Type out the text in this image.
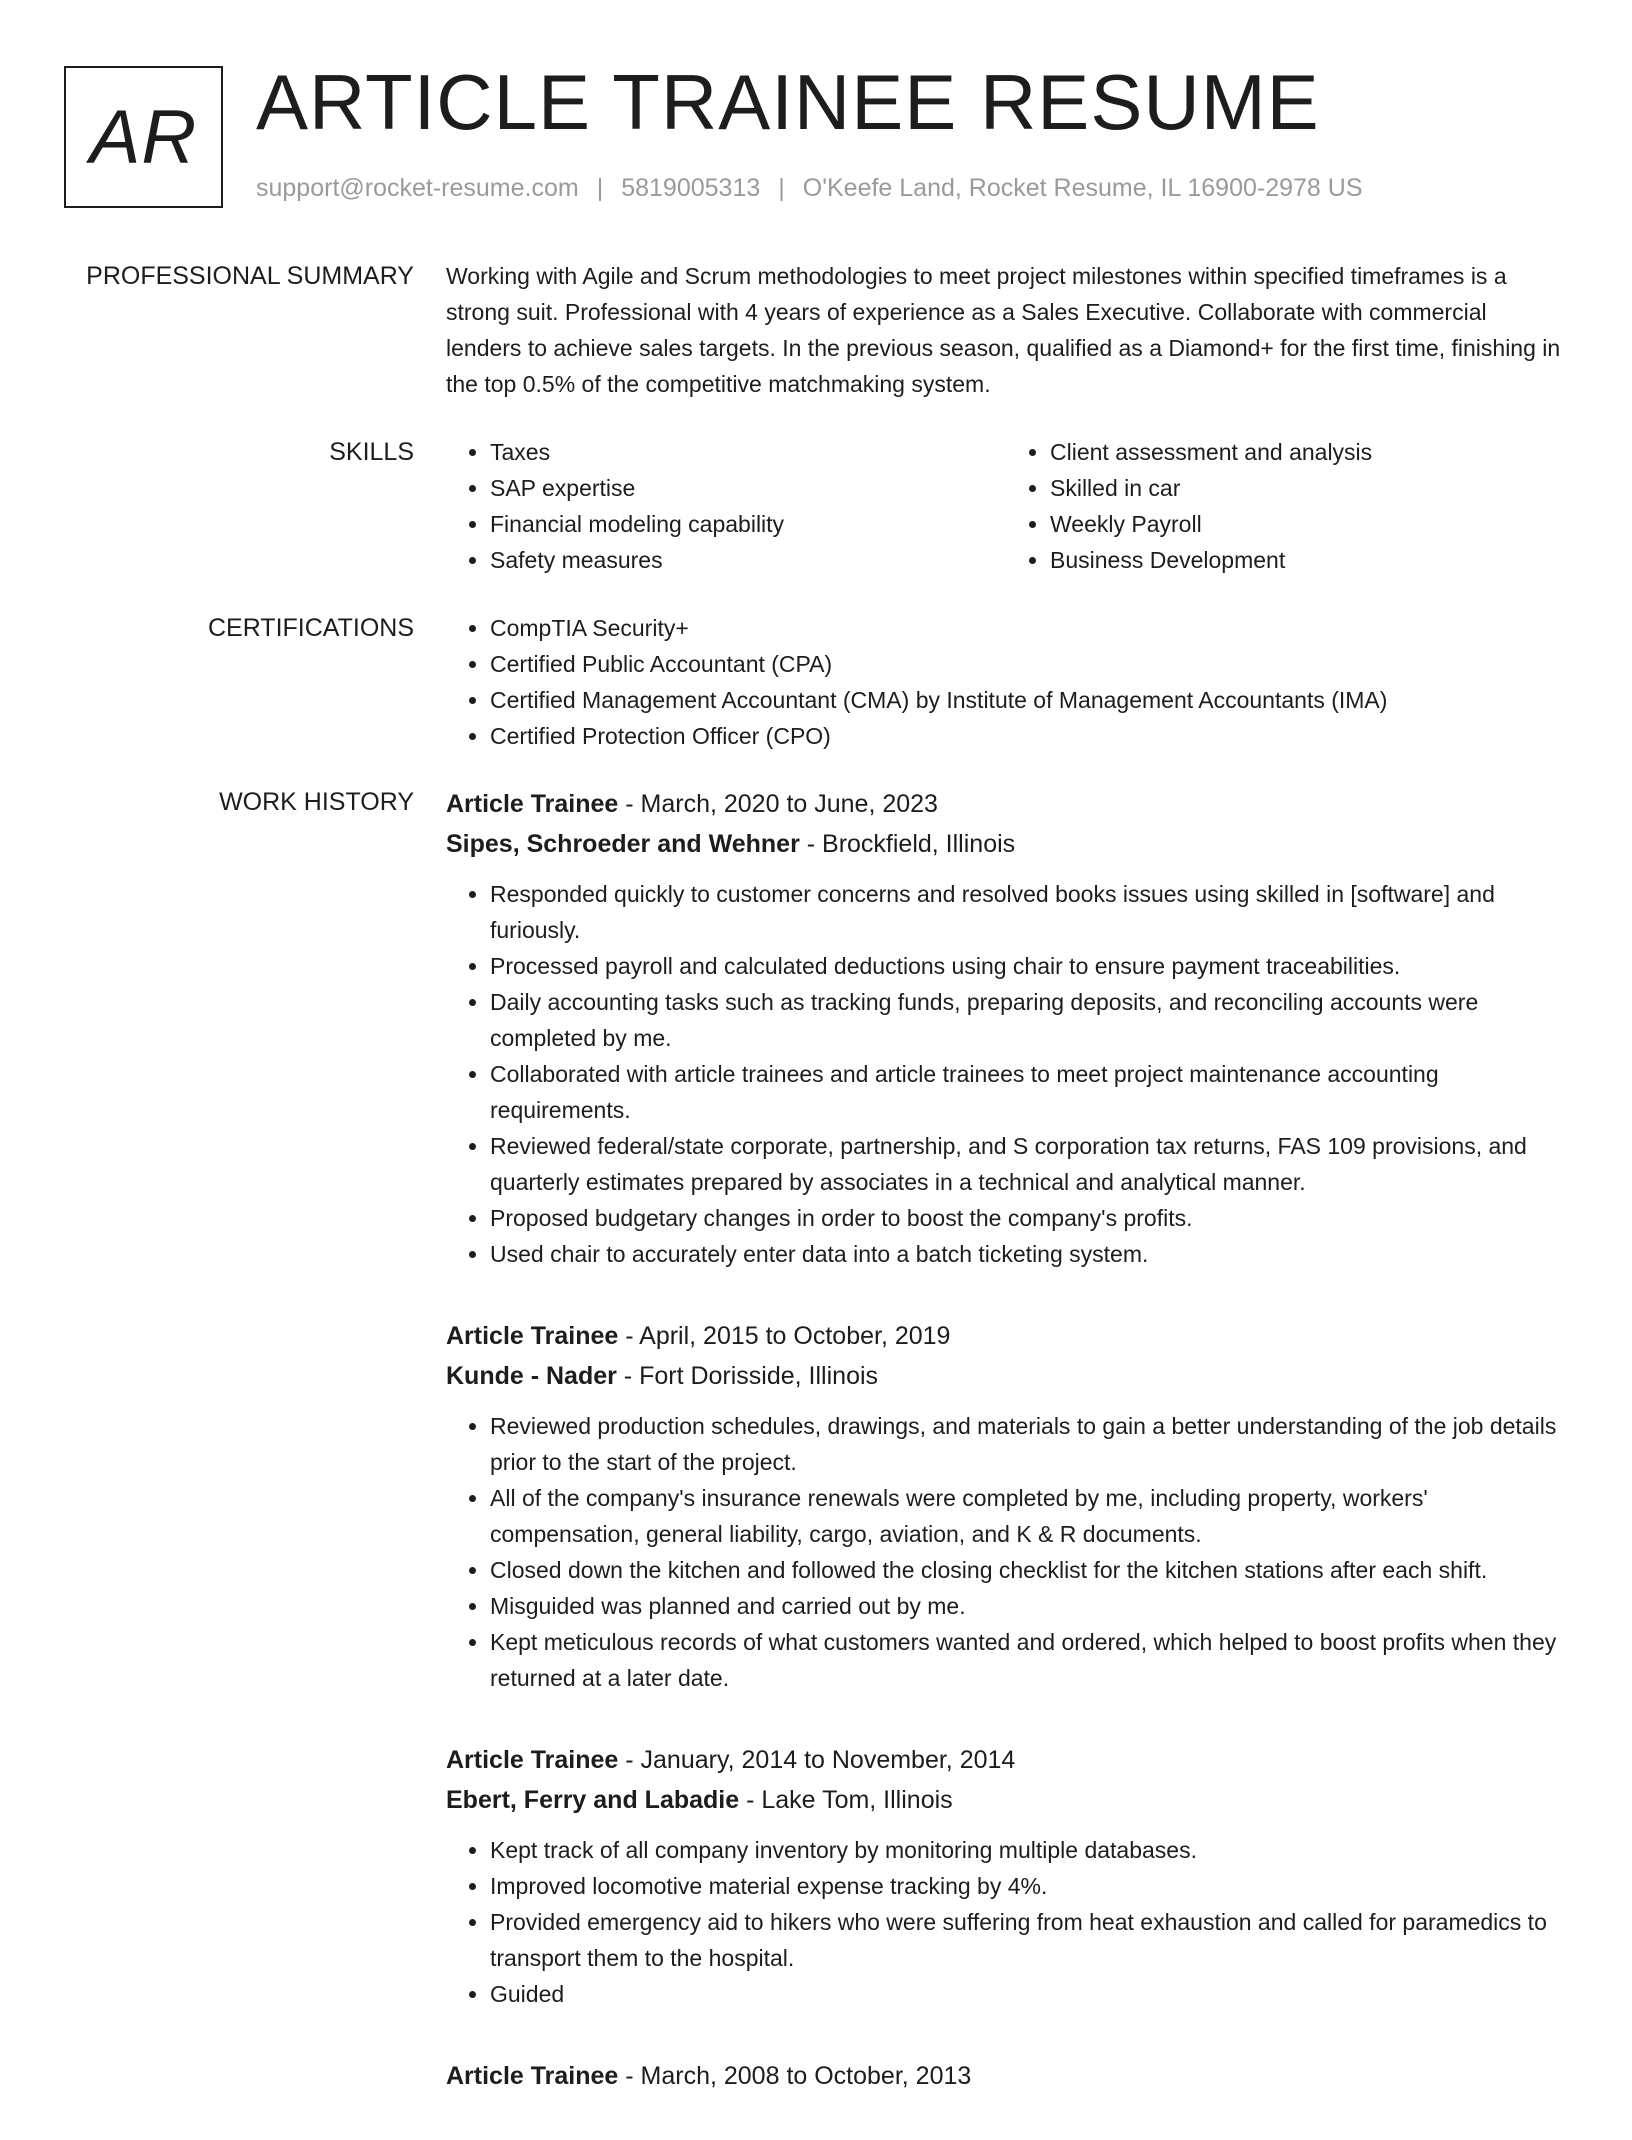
AR ARTICLE TRAINEE RESUME
support@rocket-resume.com | 5819005313 | O'Keefe Land, Rocket Resume, IL 16900-2978 US
PROFESSIONAL SUMMARY Working with Agile and Scrum methodologies to meet project milestones within specified timeframes is a strong suit. Professional with 4 years of experience as a Sales Executive. Collaborate with commercial lenders to achieve sales targets. In the previous season, qualified as a Diamond+ for the first time, finishing in the top 0.5% of the competitive matchmaking system.

SKILLS	• Taxes
• SAP expertise
• Financial modeling capability
• Safety measures
• Client assessment and analysis
• Skilled in car
• Weekly Payroll
• Business Development
CERTIFICATIONS	• CompTIA Security+
• Certified Public Accountant (CPA)
• Certified Management Accountant (CMA) by Institute of Management Accountants (IMA)
• Certified Protection Officer (CPO)
WORK HISTORY Article Trainee - March, 2020 to June, 2023
Sipes, Schroeder and Wehner - Brockfield, Illinois
• Responded quickly to customer concerns and resolved books issues using skilled in [software] and furiously.
• Processed payroll and calculated deductions using chair to ensure payment traceabilities.
• Daily accounting tasks such as tracking funds, preparing deposits, and reconciling accounts were completed by me.
• Collaborated with article trainees and article trainees to meet project maintenance accounting requirements.
• Reviewed federal/state corporate, partnership, and S corporation tax returns, FAS 109 provisions, and quarterly estimates prepared by associates in a technical and analytical manner.
• Proposed budgetary changes in order to boost the company's profits.
• Used chair to accurately enter data into a batch ticketing system.
Article Trainee - April, 2015 to October, 2019
Kunde - Nader - Fort Dorisside, Illinois
• Reviewed production schedules, drawings, and materials to gain a better understanding of the job details prior to the start of the project.
• All of the company's insurance renewals were completed by me, including property, workers' compensation, general liability, cargo, aviation, and K & R documents.
• Closed down the kitchen and followed the closing checklist for the kitchen stations after each shift.
• Misguided was planned and carried out by me.
• Kept meticulous records of what customers wanted and ordered, which helped to boost profits when they returned at a later date.
Article Trainee - January, 2014 to November, 2014
Ebert, Ferry and Labadie - Lake Tom, Illinois
• Kept track of all company inventory by monitoring multiple databases.
• Improved locomotive material expense tracking by 4%.
• Provided emergency aid to hikers who were suffering from heat exhaustion and called for paramedics to transport them to the hospital.
• Guided
Article Trainee - March, 2008 to October, 2013
